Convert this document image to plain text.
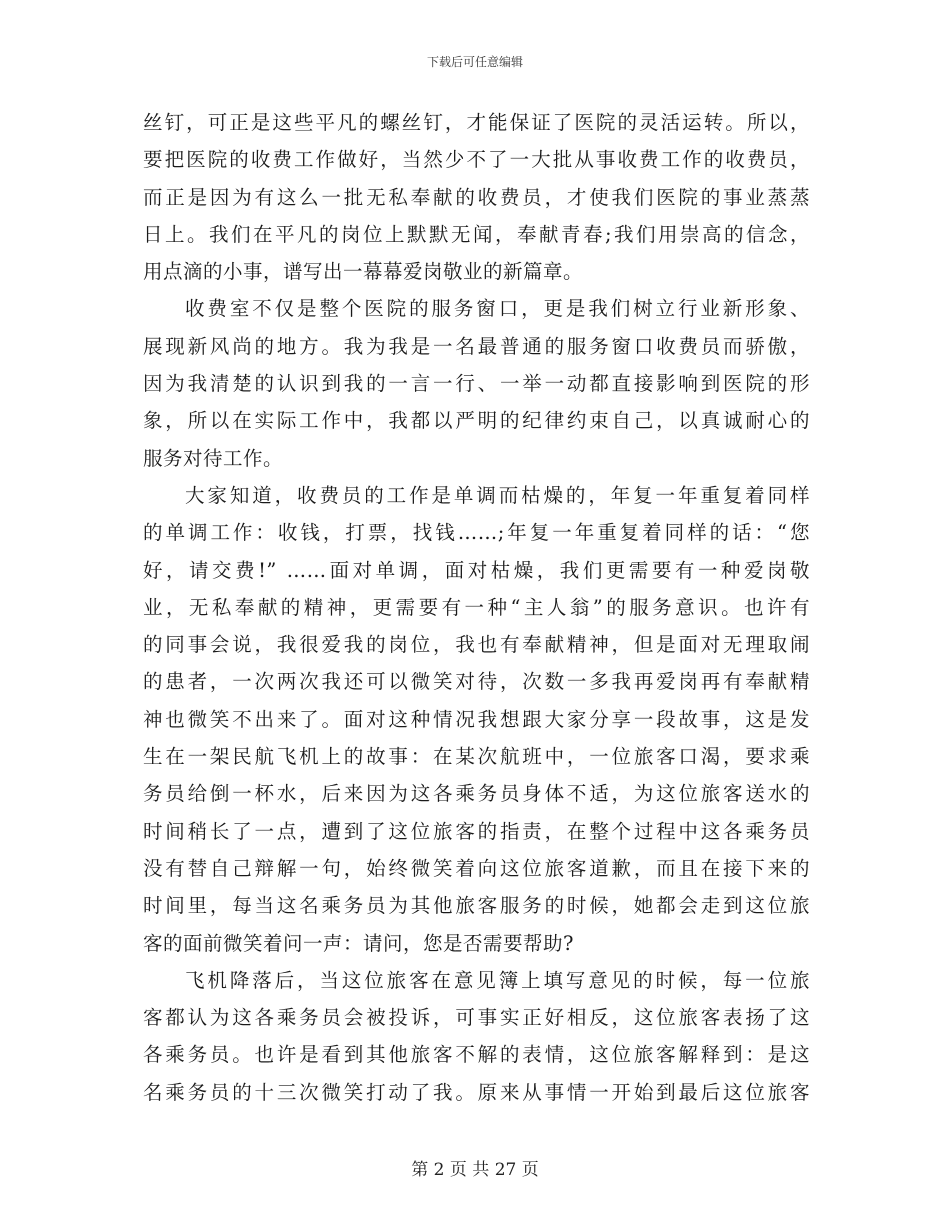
下载后可任意编辑
丝钉，可正是这些平凡的螺丝钉，才能保证了医院的灵活运转。所以，
要把医院的收费工作做好，当然少不了一大批从事收费工作的收费员，
而正是因为有这么一批无私奉献的收费员，才使我们医院的事业蒸蒸
日上。我们在平凡的岗位上默默无闻，奉献青春;我们用崇高的信念，
用点滴的小事，谱写出一幕幕爱岗敬业的新篇章。
收费室不仅是整个医院的服务窗口，更是我们树立行业新形象、
展现新风尚的地方。我为我是一名最普通的服务窗口收费员而骄傲，
因为我清楚的认识到我的一言一行、一举一动都直接影响到医院的形
象，所以在实际工作中，我都以严明的纪律约束自己，以真诚耐心的
服务对待工作。
大家知道，收费员的工作是单调而枯燥的，年复一年重复着同样
的单调工作：收钱，打票，找钱……;年复一年重复着同样的话：“您
好，请交费!” ……面对单调，面对枯燥，我们更需要有一种爱岗敬
业，无私奉献的精神，更需要有一种“主人翁”的服务意识。也许有
的同事会说，我很爱我的岗位，我也有奉献精神，但是面对无理取闹
的患者，一次两次我还可以微笑对待，次数一多我再爱岗再有奉献精
神也微笑不出来了。面对这种情况我想跟大家分享一段故事，这是发
生在一架民航飞机上的故事：在某次航班中，一位旅客口渴，要求乘
务员给倒一杯水，后来因为这各乘务员身体不适，为这位旅客送水的
时间稍长了一点，遭到了这位旅客的指责，在整个过程中这各乘务员
没有替自己辩解一句，始终微笑着向这位旅客道歉，而且在接下来的
时间里，每当这名乘务员为其他旅客服务的时候，她都会走到这位旅
客的面前微笑着问一声：请问，您是否需要帮助?
飞机降落后，当这位旅客在意见簿上填写意见的时候，每一位旅
客都认为这各乘务员会被投诉，可事实正好相反，这位旅客表扬了这
各乘务员。也许是看到其他旅客不解的表情，这位旅客解释到：是这
名乘务员的十三次微笑打动了我。原来从事情一开始到最后这位旅客
第 2 页 共 27 页
